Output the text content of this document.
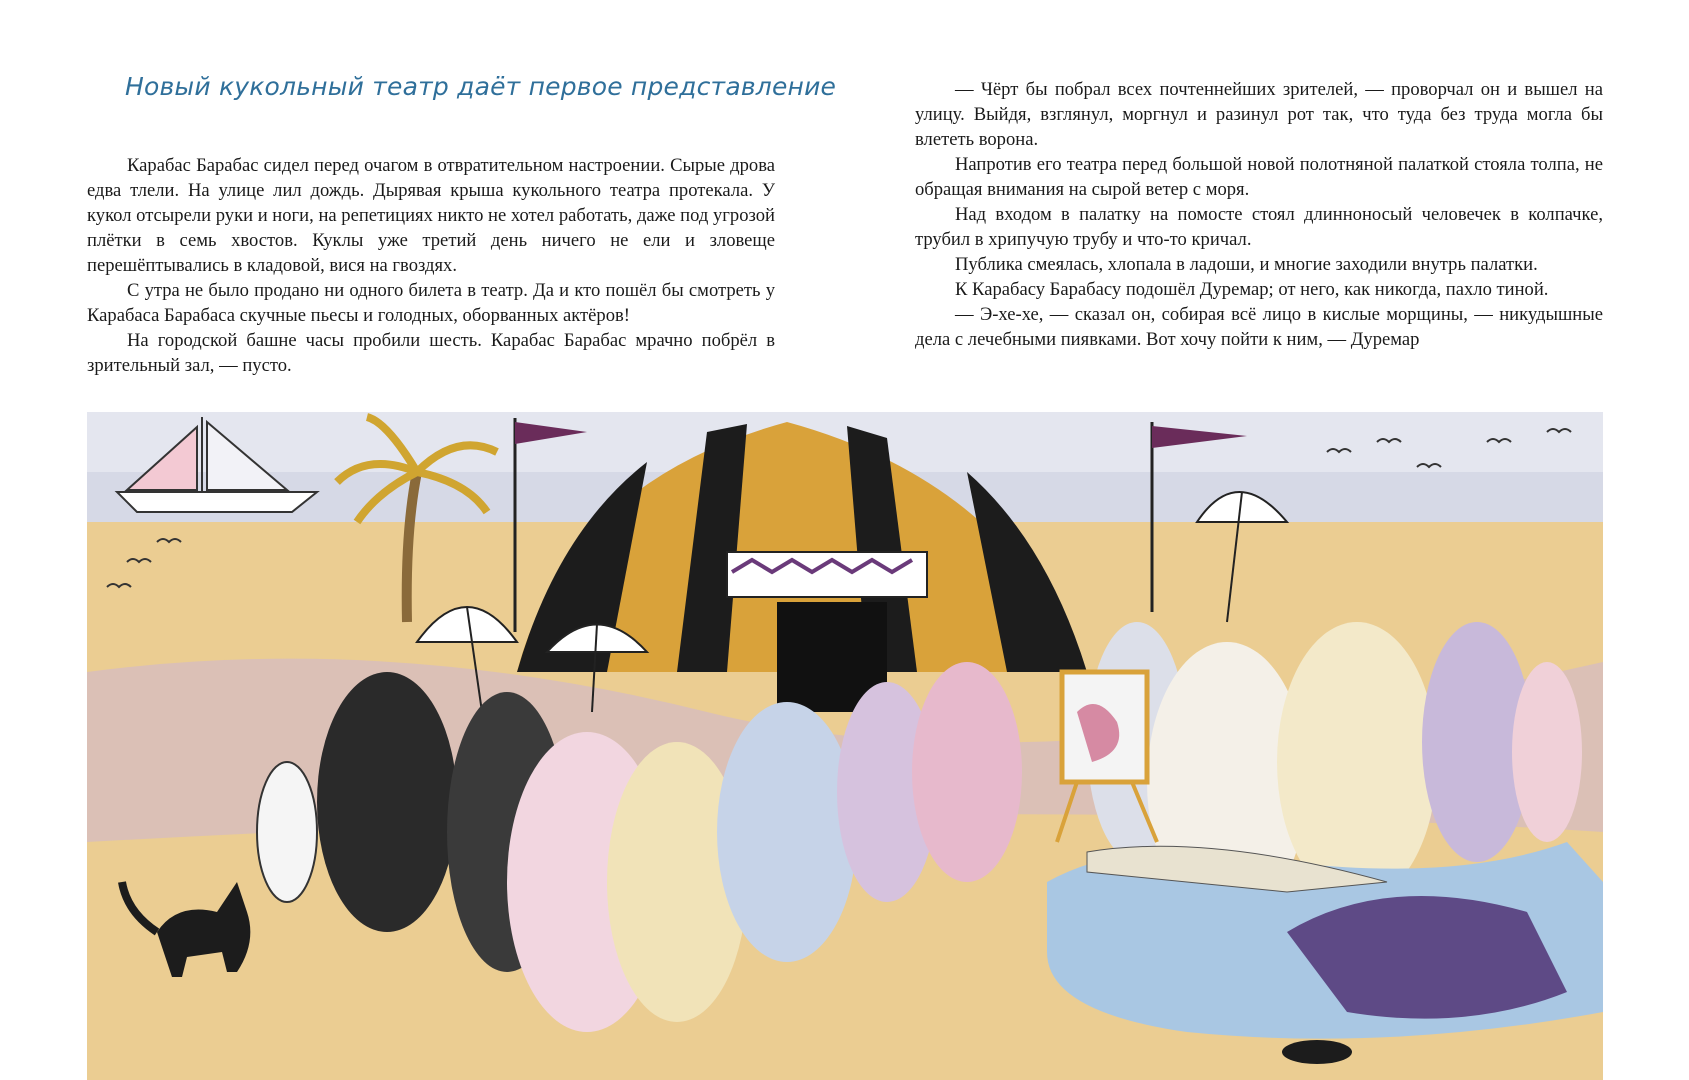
Новый кукольный театр даёт первое представление

Карабас Барабас сидел перед очагом в отвратительном настроении. Сырые дрова едва тлели. На улице лил дождь. Дырявая крыша кукольного театра протекала. У кукол отсырели руки и ноги, на репетициях никто не хотел работать, даже под угрозой плётки в семь хвостов. Куклы уже третий день ничего не ели и зловеще перешёптывались в кладовой, вися на гвоздях.

С утра не было продано ни одного билета в театр. Да и кто пошёл бы смотреть у Карабаса Барабаса скучные пьесы и голодных, оборванных актёров!

На городской башне часы пробили шесть. Карабас Барабас мрачно побрёл в зрительный зал, — пусто.

— Чёрт бы побрал всех почтеннейших зрителей, — проворчал он и вышел на улицу. Выйдя, взглянул, моргнул и разинул рот так, что туда без труда могла бы влететь ворона.

Напротив его театра перед большой новой полотняной палаткой стояла толпа, не обращая внимания на сырой ветер с моря.

Над входом в палатку на помосте стоял длинноносый человечек в колпачке, трубил в хрипучую трубу и что-то кричал.

Публика смеялась, хлопала в ладоши, и многие заходили внутрь палатки.

К Карабасу Барабасу подошёл Дуремар; от него, как никогда, пахло тиной.

— Э-хе-хе, — сказал он, собирая всё лицо в кислые морщины, — никудышные дела с лечебными пиявками. Вот хочу пойти к ним, — Дуремар
